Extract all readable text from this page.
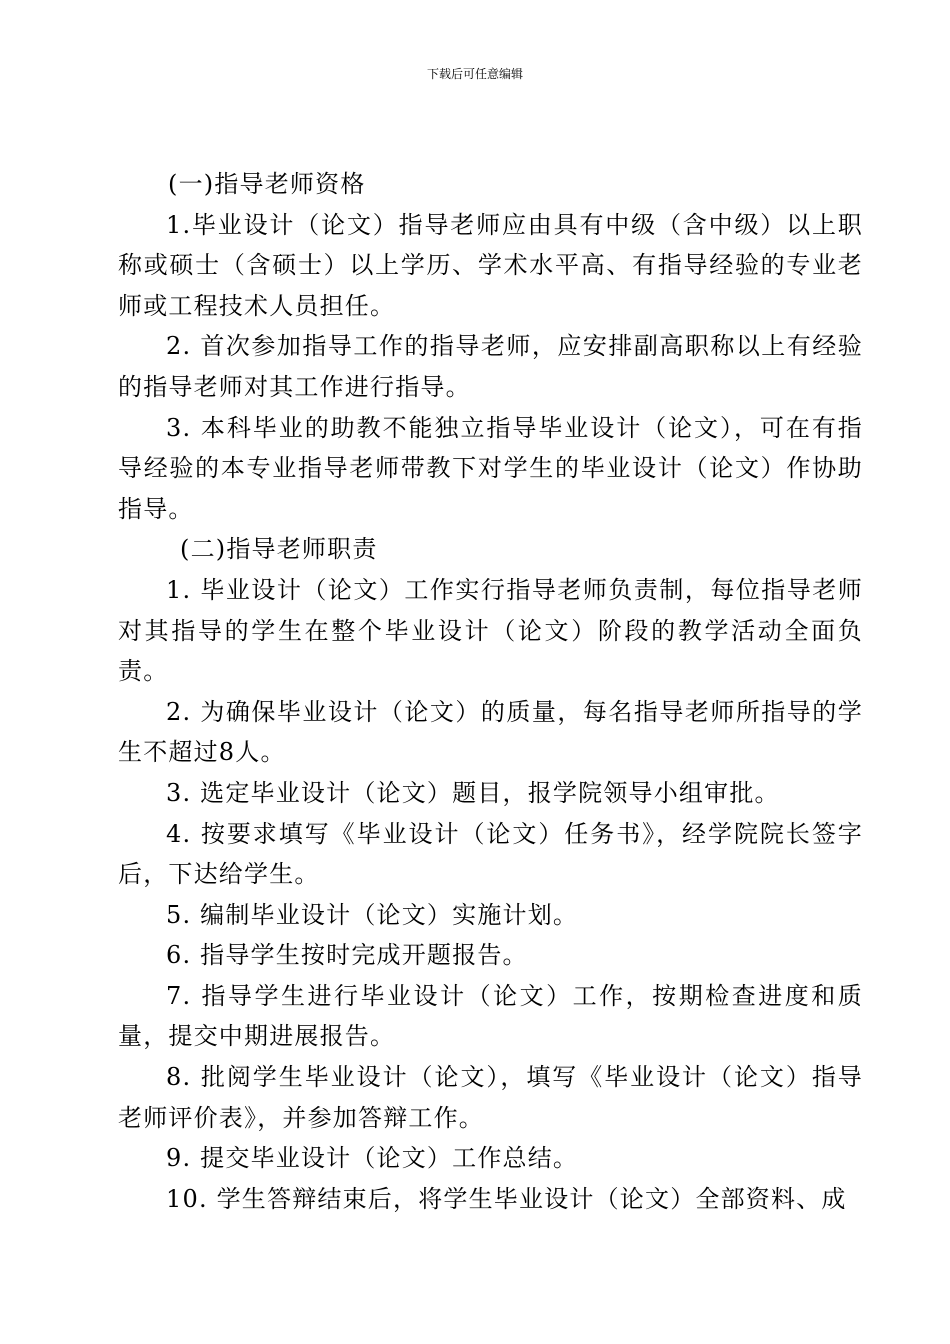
下载后可任意编辑

(一)指导老师资格

1.毕业设计（论文）指导老师应由具有中级（含中级）以上职称或硕士（含硕士）以上学历、学术水平高、有指导经验的专业老师或工程技术人员担任。

2. 首次参加指导工作的指导老师，应安排副高职称以上有经验的指导老师对其工作进行指导。

3. 本科毕业的助教不能独立指导毕业设计（论文），可在有指导经验的本专业指导老师带教下对学生的毕业设计（论文）作协助指导。

(二)指导老师职责

1. 毕业设计（论文）工作实行指导老师负责制，每位指导老师对其指导的学生在整个毕业设计（论文）阶段的教学活动全面负责。

2. 为确保毕业设计（论文）的质量，每名指导老师所指导的学生不超过8人。

3. 选定毕业设计（论文）题目，报学院领导小组审批。

4. 按要求填写《毕业设计（论文）任务书》，经学院院长签字后，下达给学生。

5. 编制毕业设计（论文）实施计划。

6. 指导学生按时完成开题报告。

7. 指导学生进行毕业设计（论文）工作，按期检查进度和质量，提交中期进展报告。

8. 批阅学生毕业设计（论文），填写《毕业设计（论文）指导老师评价表》，并参加答辩工作。

9. 提交毕业设计（论文）工作总结。

10. 学生答辩结束后，将学生毕业设计（论文）全部资料、成
